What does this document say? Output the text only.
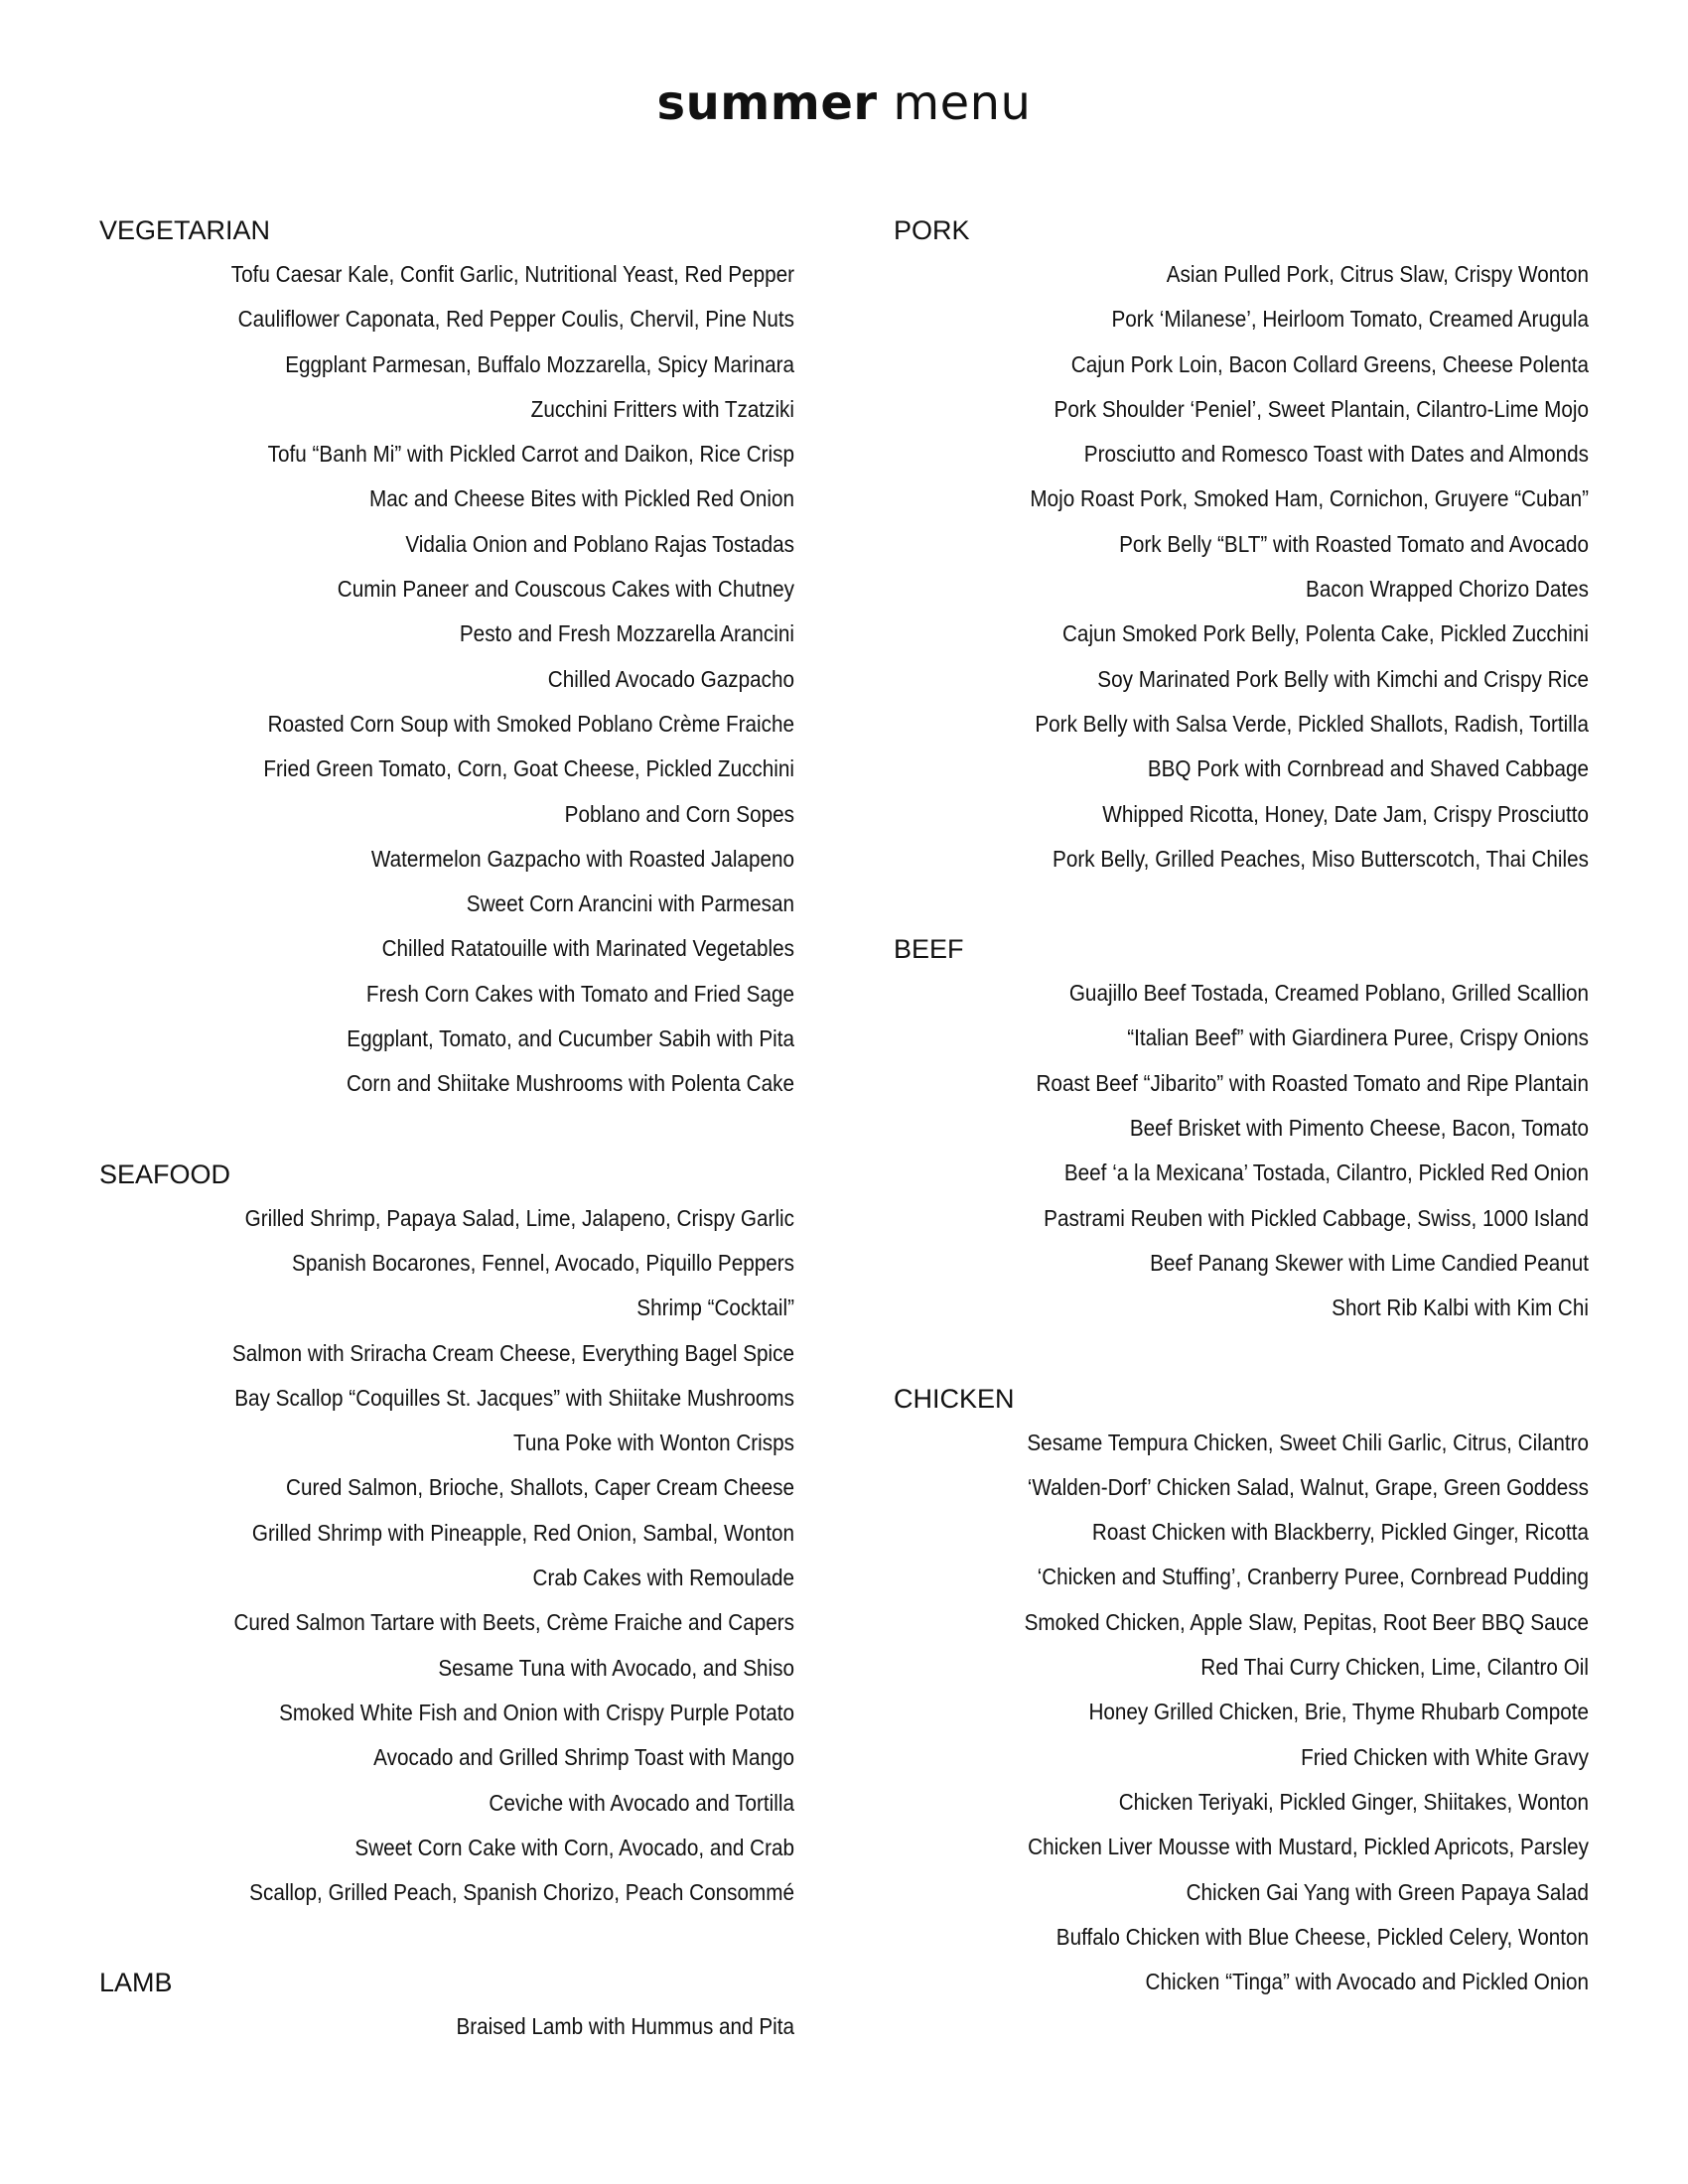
summer menu
VEGETARIAN
Tofu Caesar Kale, Confit Garlic, Nutritional Yeast, Red Pepper
Cauliflower Caponata, Red Pepper Coulis, Chervil, Pine Nuts
Eggplant Parmesan, Buffalo Mozzarella, Spicy Marinara
Zucchini Fritters with Tzatziki
Tofu “Banh Mi” with Pickled Carrot and Daikon, Rice Crisp
Mac and Cheese Bites with Pickled Red Onion
Vidalia Onion and Poblano Rajas Tostadas
Cumin Paneer and Couscous Cakes with Chutney
Pesto and Fresh Mozzarella Arancini
Chilled Avocado Gazpacho
Roasted Corn Soup with Smoked Poblano Crème Fraiche
Fried Green Tomato, Corn, Goat Cheese, Pickled Zucchini
Poblano and Corn Sopes
Watermelon Gazpacho with Roasted Jalapeno
Sweet Corn Arancini with Parmesan
Chilled Ratatouille with Marinated Vegetables
Fresh Corn Cakes with Tomato and Fried Sage
Eggplant, Tomato, and Cucumber Sabih with Pita
Corn and Shiitake Mushrooms with Polenta Cake
SEAFOOD
Grilled Shrimp, Papaya Salad, Lime, Jalapeno, Crispy Garlic
Spanish Bocarones, Fennel, Avocado, Piquillo Peppers
Shrimp “Cocktail”
Salmon with Sriracha Cream Cheese, Everything Bagel Spice
Bay Scallop “Coquilles St. Jacques” with Shiitake Mushrooms
Tuna Poke with Wonton Crisps
Cured Salmon, Brioche, Shallots, Caper Cream Cheese
Grilled Shrimp with Pineapple, Red Onion, Sambal, Wonton
Crab Cakes with Remoulade
Cured Salmon Tartare with Beets, Crème Fraiche and Capers
Sesame Tuna with Avocado, and Shiso
Smoked White Fish and Onion with Crispy Purple Potato
Avocado and Grilled Shrimp Toast with Mango
Ceviche with Avocado and Tortilla
Sweet Corn Cake with Corn, Avocado, and Crab
Scallop, Grilled Peach, Spanish Chorizo, Peach Consommé
LAMB
Braised Lamb with Hummus and Pita
PORK
Asian Pulled Pork, Citrus Slaw, Crispy Wonton
Pork ‘Milanese’, Heirloom Tomato, Creamed Arugula
Cajun Pork Loin, Bacon Collard Greens, Cheese Polenta
Pork Shoulder ‘Peniel’, Sweet Plantain, Cilantro-Lime Mojo
Prosciutto and Romesco Toast with Dates and Almonds
Mojo Roast Pork, Smoked Ham, Cornichon, Gruyere “Cuban”
Pork Belly “BLT” with Roasted Tomato and Avocado
Bacon Wrapped Chorizo Dates
Cajun Smoked Pork Belly, Polenta Cake, Pickled Zucchini
Soy Marinated Pork Belly with Kimchi and Crispy Rice
Pork Belly with Salsa Verde, Pickled Shallots, Radish, Tortilla
BBQ Pork with Cornbread and Shaved Cabbage
Whipped Ricotta, Honey, Date Jam, Crispy Prosciutto
Pork Belly, Grilled Peaches, Miso Butterscotch, Thai Chiles
BEEF
Guajillo Beef Tostada, Creamed Poblano, Grilled Scallion
“Italian Beef” with Giardinera Puree, Crispy Onions
Roast Beef “Jibarito” with Roasted Tomato and Ripe Plantain
Beef Brisket with Pimento Cheese, Bacon, Tomato
Beef ‘a la Mexicana’ Tostada, Cilantro, Pickled Red Onion
Pastrami Reuben with Pickled Cabbage, Swiss, 1000 Island
Beef Panang Skewer with Lime Candied Peanut
Short Rib Kalbi with Kim Chi
CHICKEN
Sesame Tempura Chicken, Sweet Chili Garlic, Citrus, Cilantro
‘Walden-Dorf’ Chicken Salad, Walnut, Grape, Green Goddess
Roast Chicken with Blackberry, Pickled Ginger, Ricotta
‘Chicken and Stuffing’, Cranberry Puree, Cornbread Pudding
Smoked Chicken, Apple Slaw, Pepitas, Root Beer BBQ Sauce
Red Thai Curry Chicken, Lime, Cilantro Oil
Honey Grilled Chicken, Brie, Thyme Rhubarb Compote
Fried Chicken with White Gravy
Chicken Teriyaki, Pickled Ginger, Shiitakes, Wonton
Chicken Liver Mousse with Mustard, Pickled Apricots, Parsley
Chicken Gai Yang with Green Papaya Salad
Buffalo Chicken with Blue Cheese, Pickled Celery, Wonton
Chicken “Tinga” with Avocado and Pickled Onion
